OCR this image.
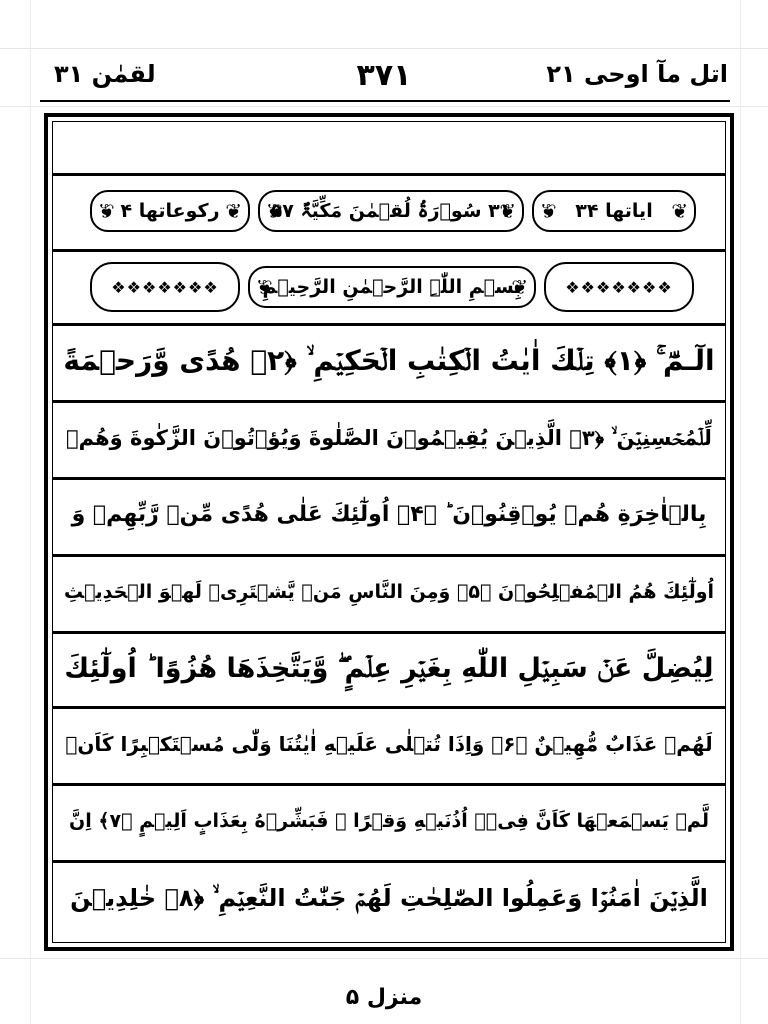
اتل مآ اوحی ۲۱
۳۷۱
لقمٰن ۳۱
❦ ایاتھا ۳۴
❦
❦ ۳۱ سُوۡرَۃُ لُقۡمٰنَ مَکِّیَّۃٌ ۵۷
❦
❦ رکوعاتھا ۴
❦
❖❖❖❖❖❖❖
❦ بِسۡمِ اللّٰہِ الرَّحۡمٰنِ الرَّحِیۡمِ
❦
❖❖❖❖❖❖❖
الٓـمّٓ ۚ ﴿۱﴾ تِلۡكَ اٰيٰتُ الۡكِتٰبِ الۡحَكِيۡمِ ۙ ﴿۲﴾ هُدًى وَّرَحۡمَةً
لِّلۡمُحۡسِنِيۡنَ ۙ ﴿۳﴾ الَّذِيۡنَ يُقِيۡمُوۡنَ الصَّلٰوةَ وَيُؤۡتُوۡنَ الزَّكٰوةَ وَهُمۡ
بِالۡاٰخِرَةِ هُمۡ يُوۡقِنُوۡنَ ؕ ﴿۴﴾ اُولٰٓئِكَ عَلٰى هُدًى مِّنۡ رَّبِّهِمۡ وَ
اُولٰٓئِكَ هُمُ الۡمُفۡلِحُوۡنَ ﴿۵﴾ وَمِنَ النَّاسِ مَنۡ يَّشۡتَرِىۡ لَهۡوَ الۡحَدِيۡثِ
لِيُضِلَّ عَنۡ سَبِيۡلِ اللّٰهِ بِغَيۡرِ عِلۡمٍ ۖ وَّيَتَّخِذَهَا هُزُوًا ؕ اُولٰٓئِكَ
لَهُمۡ عَذَابٌ مُّهِيۡنٌ ﴿۶﴾ وَاِذَا تُتۡلٰى عَلَيۡهِ اٰيٰتُنَا وَلّٰى مُسۡتَكۡبِرًا كَاَنۡ
لَّمۡ يَسۡمَعۡهَا كَاَنَّ فِىۡۤ اُذُنَيۡهِ وَقۡرًا ۚ فَبَشِّرۡهُ بِعَذَابٍ اَلِيۡمٍ ﴿۷﴾ اِنَّ
الَّذِيۡنَ اٰمَنُوۡا وَعَمِلُوا الصّٰلِحٰتِ لَهُمۡ جَنّٰتُ النَّعِيۡمِ ۙ ﴿۸﴾ خٰلِدِيۡنَ
منزل ۵
